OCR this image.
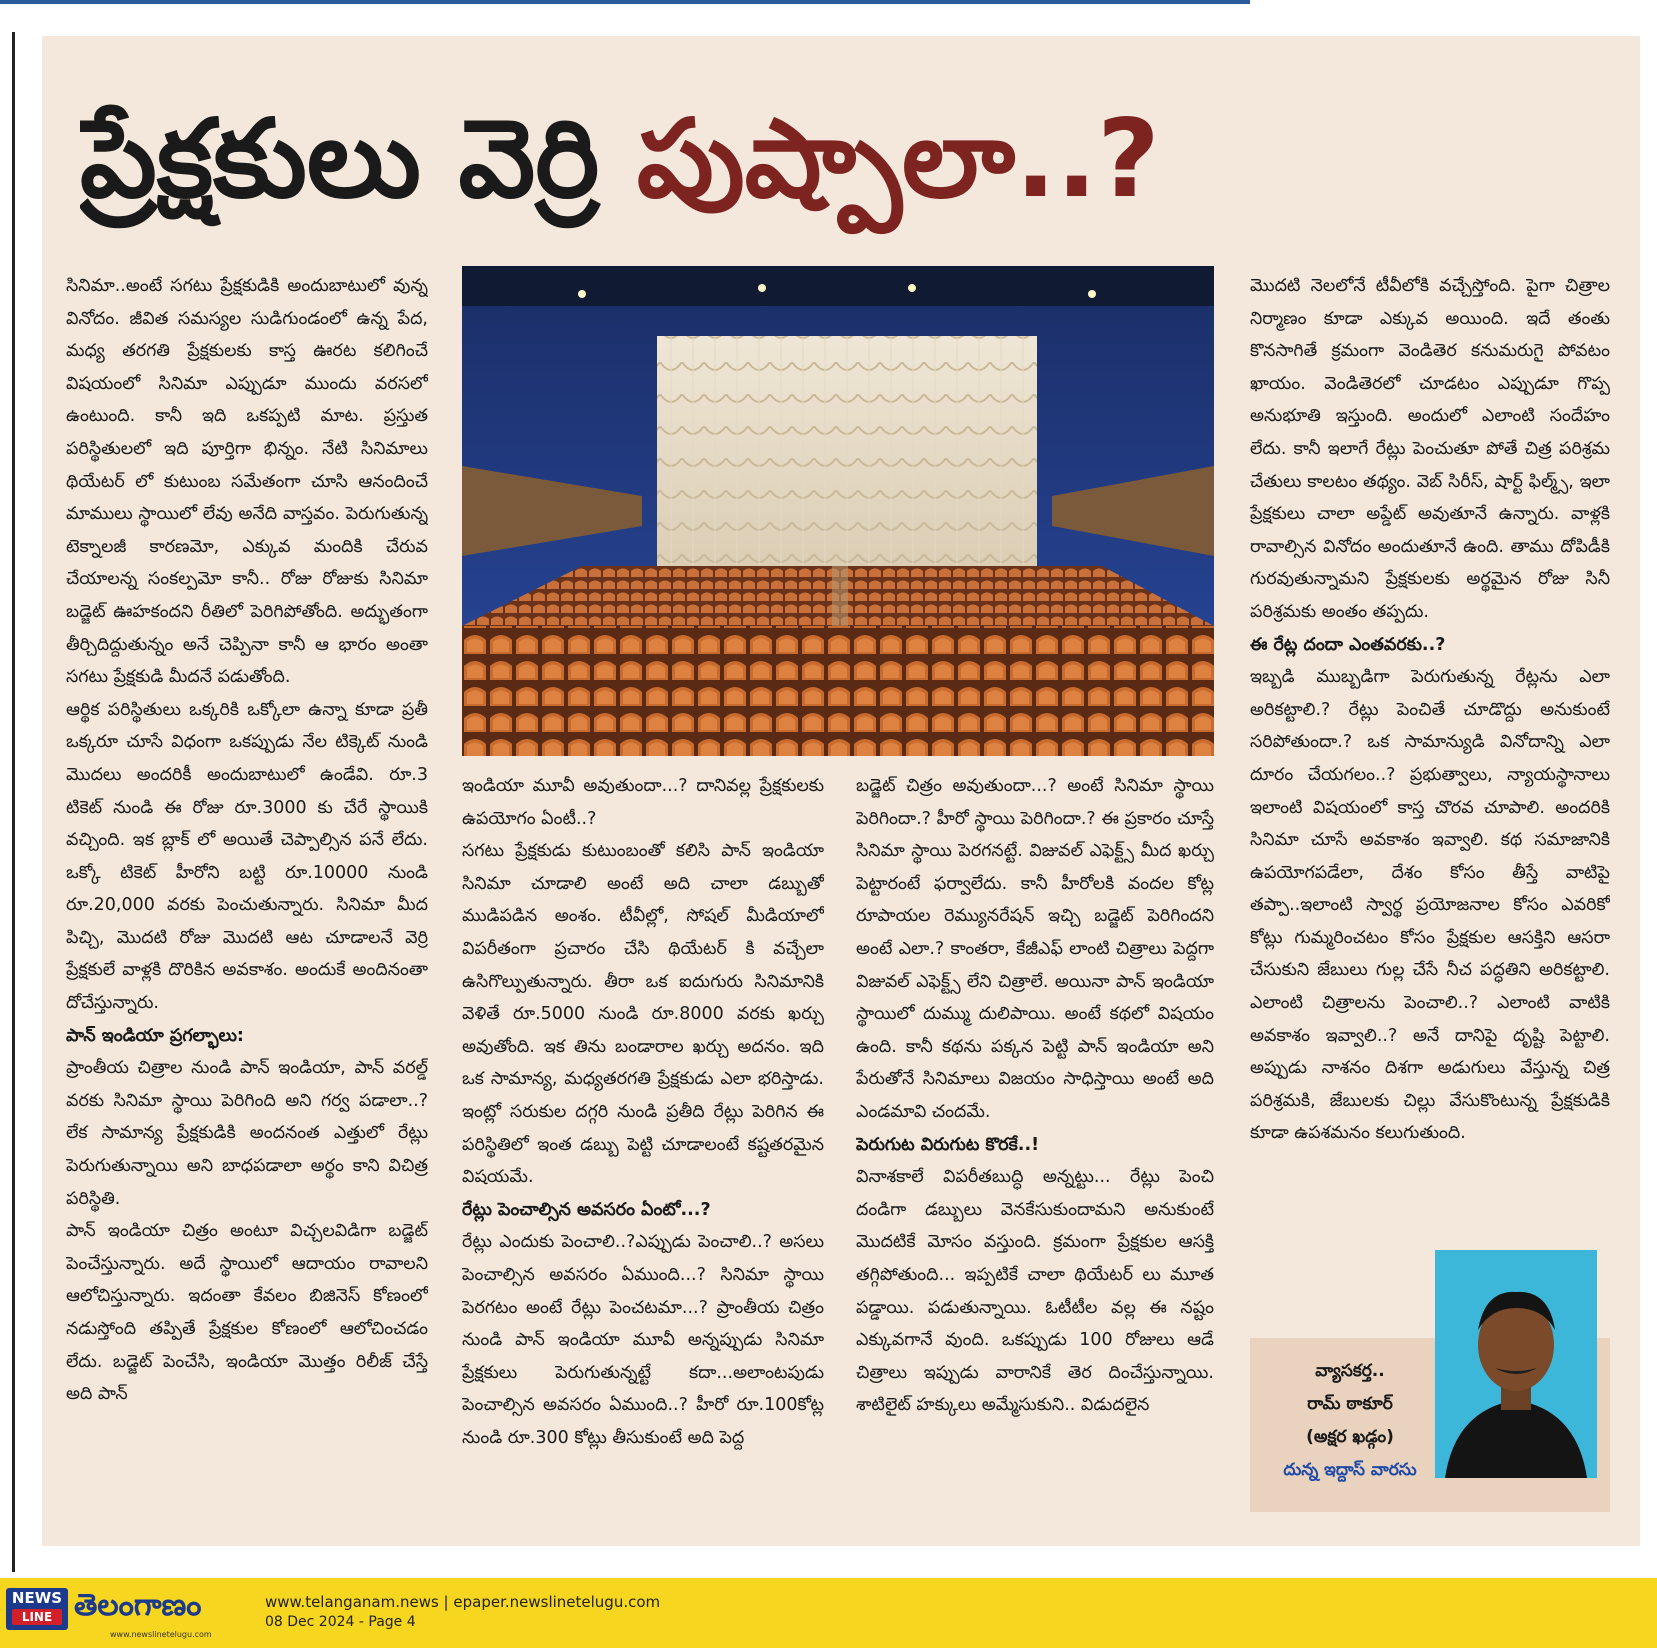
ప్రేక్షకులు వెర్రి పుష్పాలా..?

సినిమా..అంటే సగటు ప్రేక్షకుడికి అందుబాటులో వున్న వినోదం. జీవిత సమస్యల సుడిగుండంలో ఉన్న పేద, మధ్య తరగతి ప్రేక్షకులకు కాస్త ఊరట కలిగించే విషయంలో సినిమా ఎప్పుడూ ముందు వరసలో ఉంటుంది. కానీ ఇది ఒకప్పటి మాట. ప్రస్తుత పరిస్థితులలో ఇది పూర్తిగా భిన్నం. నేటి సినిమాలు థియేటర్ లో కుటుంబ సమేతంగా చూసి ఆనందించే మాములు స్థాయిలో లేవు అనేది వాస్తవం. పెరుగుతున్న టెక్నాలజీ కారణమో, ఎక్కువ మందికి చేరువ చేయాలన్న సంకల్పమో కానీ.. రోజు రోజుకు సినిమా బడ్జెట్ ఊహకందని రీతిలో పెరిగిపోతోంది. అద్భుతంగా తీర్చిదిద్దుతున్నం అనే చెప్పినా కానీ ఆ భారం అంతా సగటు ప్రేక్షకుడి మీదనే పడుతోంది.

ఆర్థిక పరిస్థితులు ఒక్కరికి ఒక్కోలా ఉన్నా కూడా ప్రతీ ఒక్కరూ చూసే విధంగా ఒకప్పుడు నేల టిక్కెట్ నుండి మొదలు అందరికీ అందుబాటులో ఉండేవి. రూ.3 టికెట్ నుండి ఈ రోజు రూ.3000 కు చేరే స్థాయికి వచ్చింది. ఇక బ్లాక్ లో అయితే చెప్పాల్సిన పనే లేదు. ఒక్కో టికెట్ హీరోని బట్టి రూ.10000 నుండి రూ.20,000 వరకు పెంచుతున్నారు. సినిమా మీద పిచ్చి, మొదటి రోజు మొదటి ఆట చూడాలనే వెర్రి ప్రేక్షకులే వాళ్లకి దొరికిన అవకాశం. అందుకే అందినంతా దోచేస్తున్నారు.

పాన్ ఇండియా ప్రగల్భాలు:

ప్రాంతీయ చిత్రాల నుండి పాన్ ఇండియా, పాన్ వరల్డ్ వరకు సినిమా స్థాయి పెరిగింది అని గర్వ పడాలా..? లేక సామాన్య ప్రేక్షకుడికి అందనంత ఎత్తులో రేట్లు పెరుగుతున్నాయి అని బాధపడాలా అర్థం కాని విచిత్ర పరిస్థితి.

పాన్ ఇండియా చిత్రం అంటూ విచ్చలవిడిగా బడ్జెట్ పెంచేస్తున్నారు. అదే స్థాయిలో ఆదాయం రావాలని ఆలోచిస్తున్నారు. ఇదంతా కేవలం బిజినెస్ కోణంలో నడుస్తోంది తప్పితే ప్రేక్షకుల కోణంలో ఆలోచించడం లేదు. బడ్జెట్ పెంచేసి, ఇండియా మొత్తం రిలీజ్ చేస్తే అది పాన్

ఇండియా మూవీ అవుతుందా...? దానివల్ల ప్రేక్షకులకు ఉపయోగం ఏంటీ..?

సగటు ప్రేక్షకుడు కుటుంబంతో కలిసి పాన్ ఇండియా సినిమా చూడాలి అంటే అది చాలా డబ్బుతో ముడిపడిన అంశం. టీవీల్లో, సోషల్ మీడియాలో విపరీతంగా ప్రచారం చేసి థియేటర్ కి వచ్చేలా ఉసిగొల్పుతున్నారు. తీరా ఒక ఐదుగురు సినిమానికి వెళితే రూ.5000 నుండి రూ.8000 వరకు ఖర్చు అవుతోంది. ఇక తిను బండారాల ఖర్చు అదనం. ఇది ఒక సామాన్య, మధ్యతరగతి ప్రేక్షకుడు ఎలా భరిస్తాడు. ఇంట్లో సరుకుల దగ్గరి నుండి ప్రతీది రేట్లు పెరిగిన ఈ పరిస్థితిలో ఇంత డబ్బు పెట్టి చూడాలంటే కష్టతరమైన విషయమే.

రేట్లు పెంచాల్సిన అవసరం ఏంటో...?

రేట్లు ఎందుకు పెంచాలి..?ఎప్పుడు పెంచాలి..? అసలు పెంచాల్సిన అవసరం ఏముంది...? సినిమా స్థాయి పెరగటం అంటే రేట్లు పెంచటమా...? ప్రాంతీయ చిత్రం నుండి పాన్ ఇండియా మూవీ అన్నప్పుడు సినిమా ప్రేక్షకులు పెరుగుతున్నట్టే కదా...అలాంటపుడు పెంచాల్సిన అవసరం ఏముంది..? హీరో రూ.100కోట్ల నుండి రూ.300 కోట్లు తీసుకుంటే అది పెద్ద

బడ్జెట్ చిత్రం అవుతుందా...? అంటే సినిమా స్థాయి పెరిగిందా.? హీరో స్థాయి పెరిగిందా.? ఈ ప్రకారం చూస్తే సినిమా స్థాయి పెరగనట్టే. విజువల్ ఎఫెక్ట్స్ మీద ఖర్చు పెట్టారంటే ఫర్వాలేదు. కానీ హీరోలకి వందల కోట్ల రూపాయల రెమ్యునరేషన్ ఇచ్చి బడ్జెట్ పెరిగిందని అంటే ఎలా.? కాంతరా, కేజీఎఫ్ లాంటి చిత్రాలు పెద్దగా విజువల్ ఎఫెక్ట్స్ లేని చిత్రాలే. అయినా పాన్ ఇండియా స్థాయిలో దుమ్ము దులిపాయి. అంటే కథలో విషయం ఉంది. కానీ కథను పక్కన పెట్టి పాన్ ఇండియా అని పేరుతోనే సినిమాలు విజయం సాధిస్తాయి అంటే అది ఎండమావి చందమే.

పెరుగుట విరుగుట కొరకే..!

వినాశకాలే విపరీతబుద్ధి అన్నట్టు... రేట్లు పెంచి దండిగా డబ్బులు వెనకేసుకుందామని అనుకుంటే మొదటికే మోసం వస్తుంది. క్రమంగా ప్రేక్షకుల ఆసక్తి తగ్గిపోతుంది... ఇప్పటికే చాలా థియేటర్ లు మూత పడ్డాయి. పడుతున్నాయి. ఓటీటీల వల్ల ఈ నష్టం ఎక్కువగానే వుంది. ఒకప్పుడు 100 రోజులు ఆడే చిత్రాలు ఇప్పుడు వారానికే తెర దించేస్తున్నాయి. శాటిలైట్ హక్కులు అమ్మేసుకుని.. విడుదలైన

మొదటి నెలలోనే టీవీలోకి వచ్చేస్తోంది. పైగా చిత్రాల నిర్మాణం కూడా ఎక్కువ అయింది. ఇదే తంతు కొనసాగితే క్రమంగా వెండితెర కనుమరుగై పోవటం ఖాయం. వెండితెరలో చూడటం ఎప్పుడూ గొప్ప అనుభూతి ఇస్తుంది. అందులో ఎలాంటి సందేహం లేదు. కానీ ఇలాగే రేట్లు పెంచుతూ పోతే చిత్ర పరిశ్రమ చేతులు కాలటం తథ్యం. వెబ్ సిరీస్, షార్ట్ ఫిల్మ్స్, ఇలా ప్రేక్షకులు చాలా అప్డేట్ అవుతూనే ఉన్నారు. వాళ్లకి రావాల్సిన వినోదం అందుతూనే ఉంది. తాము దోపిడీకి గురవుతున్నామని ప్రేక్షకులకు అర్థమైన రోజు సినీ పరిశ్రమకు అంతం తప్పదు.

ఈ రేట్ల దందా ఎంతవరకు..?

ఇబ్బడి ముబ్బడిగా పెరుగుతున్న రేట్లను ఎలా అరికట్టాలి.? రేట్లు పెంచితే చూడొద్దు అనుకుంటే సరిపోతుందా.? ఒక సామాన్యుడి వినోదాన్ని ఎలా దూరం చేయగలం..? ప్రభుత్వాలు, న్యాయస్థానాలు ఇలాంటి విషయంలో కాస్త చొరవ చూపాలి. అందరికి సినిమా చూసే అవకాశం ఇవ్వాలి. కథ సమాజానికి ఉపయోగపడేలా, దేశం కోసం తీస్తే వాటిపై తప్పా..ఇలాంటి స్వార్థ ప్రయోజనాల కోసం ఎవరికో కోట్లు గుమ్మరించటం కోసం ప్రేక్షకుల ఆసక్తిని ఆసరా చేసుకుని జేబులు గుల్ల చేసే నీచ పద్ధతిని అరికట్టాలి. ఎలాంటి చిత్రాలను పెంచాలి..? ఎలాంటి వాటికి అవకాశం ఇవ్వాలి..? అనే దానిపై దృష్టి పెట్టాలి. అప్పుడు నాశనం దిశగా అడుగులు వేస్తున్న చిత్ర పరిశ్రమకి, జేబులకు చిల్లు వేసుకొంటున్న ప్రేక్షకుడికి కూడా ఉపశమనం కలుగుతుంది.

వ్యాసకర్త..
రామ్ ఠాకూర్
(అక్షర ఖడ్గం)
దున్న ఇద్దాస్ వారసు
NEWS
LINE తెలంగాణం
www.newslinetelugu.com
www.telanganam.news | epaper.newslinetelugu.com
08 Dec 2024 - Page 4
